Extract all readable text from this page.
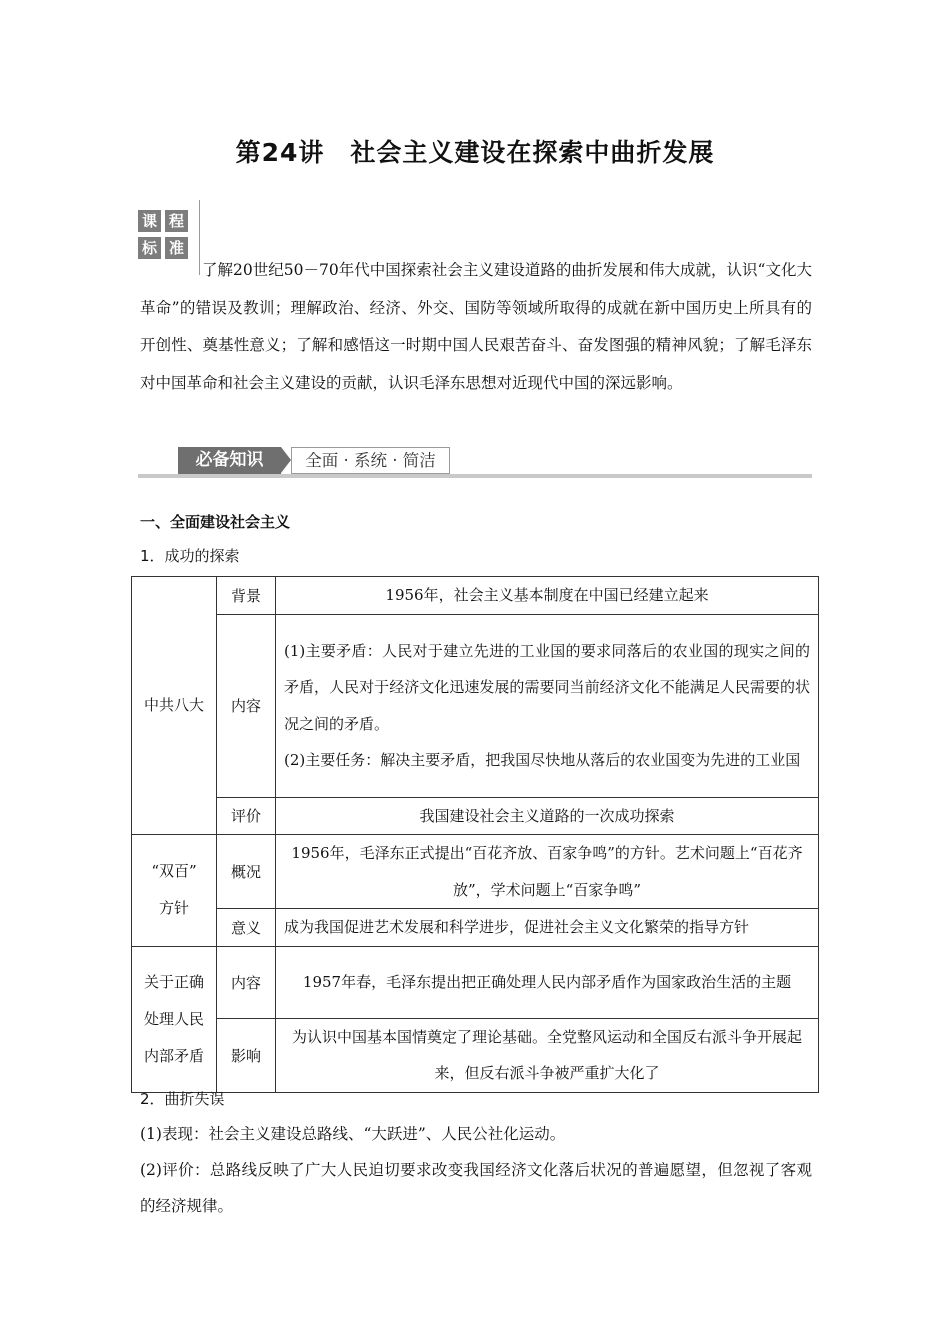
第24讲　社会主义建设在探索中曲折发展
课 程
标 准
了解20世纪50－70年代中国探索社会主义建设道路的曲折发展和伟大成就，认识“文化大革命”的错误及教训；理解政治、经济、外交、国防等领域所取得的成就在新中国历史上所具有的开创性、奠基性意义；了解和感悟这一时期中国人民艰苦奋斗、奋发图强的精神风貌；了解毛泽东对中国革命和社会主义建设的贡献，认识毛泽东思想对近现代中国的深远影响。
必备知识	全面 · 系统 · 简洁
一、全面建设社会主义
1．成功的探索
中共八大	背景	1956年，社会主义基本制度在中国已经建立起来
	内容	(1)主要矛盾：人民对于建立先进的工业国的要求同落后的农业国的现实之间的矛盾，人民对于经济文化迅速发展的需要同当前经济文化不能满足人民需要的状况之间的矛盾。
(2)主要任务：解决主要矛盾，把我国尽快地从落后的农业国变为先进的工业国

	评价	我国建设社会主义道路的一次成功探索

“双百”
方针	概况	1956年，毛泽东正式提出“百花齐放、百家争鸣”的方针。艺术问题上“百花齐放”，学术问题上“百家争鸣”
	意义	成为我国促进艺术发展和科学进步，促进社会主义文化繁荣的指导方针
关于正确处理人民内部矛盾	内容	1957年春，毛泽东提出把正确处理人民内部矛盾作为国家政治生活的主题
	影响	为认识中国基本国情奠定了理论基础。全党整风运动和全国反右派斗争开展起来，但反右派斗争被严重扩大化了
2．曲折失误
(1)表现：社会主义建设总路线、“大跃进”、人民公社化运动。
(2)评价：总路线反映了广大人民迫切要求改变我国经济文化落后状况的普遍愿望，但忽视了客观的经济规律。
